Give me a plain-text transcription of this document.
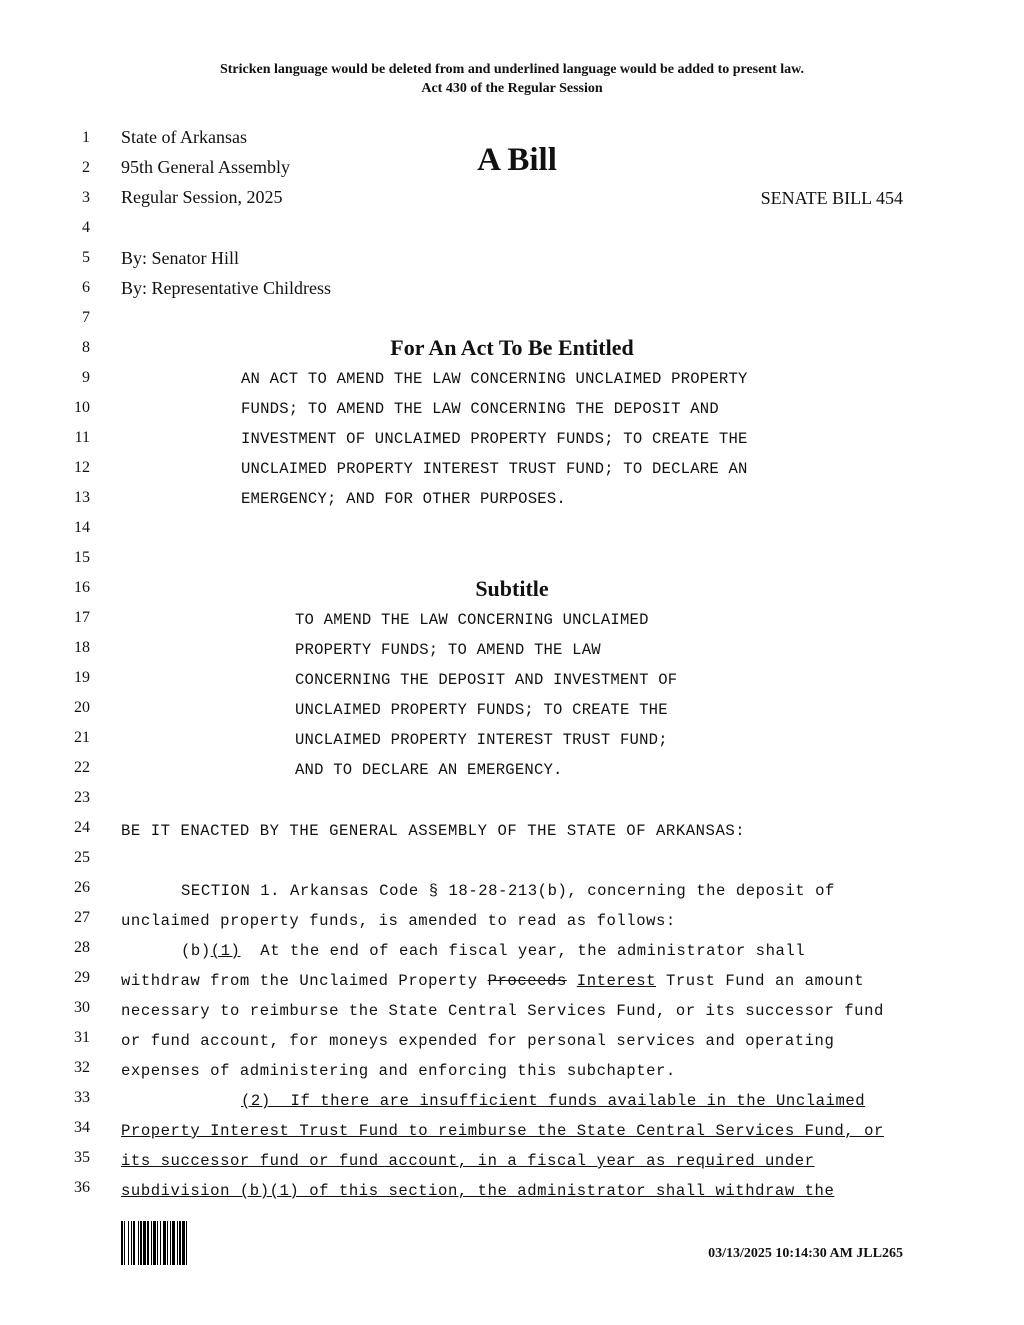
Stricken language would be deleted from and underlined language would be added to present law.
Act 430 of the Regular Session
1
2
3
4
5
6
7
8
9
10
11
12
13
14
15
16
17
18
19
20
21
22
23
24
25
26
27
28
29
30
31
32
33
34
35
36
State of Arkansas
95th General Assembly
Regular Session, 2025
A Bill
SENATE BILL 454
By: Senator Hill
By: Representative Childress
For An Act To Be Entitled
AN ACT TO AMEND THE LAW CONCERNING UNCLAIMED PROPERTY
FUNDS; TO AMEND THE LAW CONCERNING THE DEPOSIT AND
INVESTMENT OF UNCLAIMED PROPERTY FUNDS; TO CREATE THE
UNCLAIMED PROPERTY INTEREST TRUST FUND; TO DECLARE AN
EMERGENCY; AND FOR OTHER PURPOSES.
Subtitle
TO AMEND THE LAW CONCERNING UNCLAIMED
PROPERTY FUNDS; TO AMEND THE LAW
CONCERNING THE DEPOSIT AND INVESTMENT OF
UNCLAIMED PROPERTY FUNDS; TO CREATE THE
UNCLAIMED PROPERTY INTEREST TRUST FUND;
AND TO DECLARE AN EMERGENCY.
BE IT ENACTED BY THE GENERAL ASSEMBLY OF THE STATE OF ARKANSAS:
SECTION 1. Arkansas Code § 18-28-213(b), concerning the deposit of
unclaimed property funds, is amended to read as follows:
(b)(1)  At the end of each fiscal year, the administrator shall
withdraw from the Unclaimed Property Proceeds Interest Trust Fund an amount
necessary to reimburse the State Central Services Fund, or its successor fund
or fund account, for moneys expended for personal services and operating
expenses of administering and enforcing this subchapter.
(2)  If there are insufficient funds available in the Unclaimed
Property Interest Trust Fund to reimburse the State Central Services Fund, or
its successor fund or fund account, in a fiscal year as required under
subdivision (b)(1) of this section, the administrator shall withdraw the
03/13/2025 10:14:30 AM JLL265
